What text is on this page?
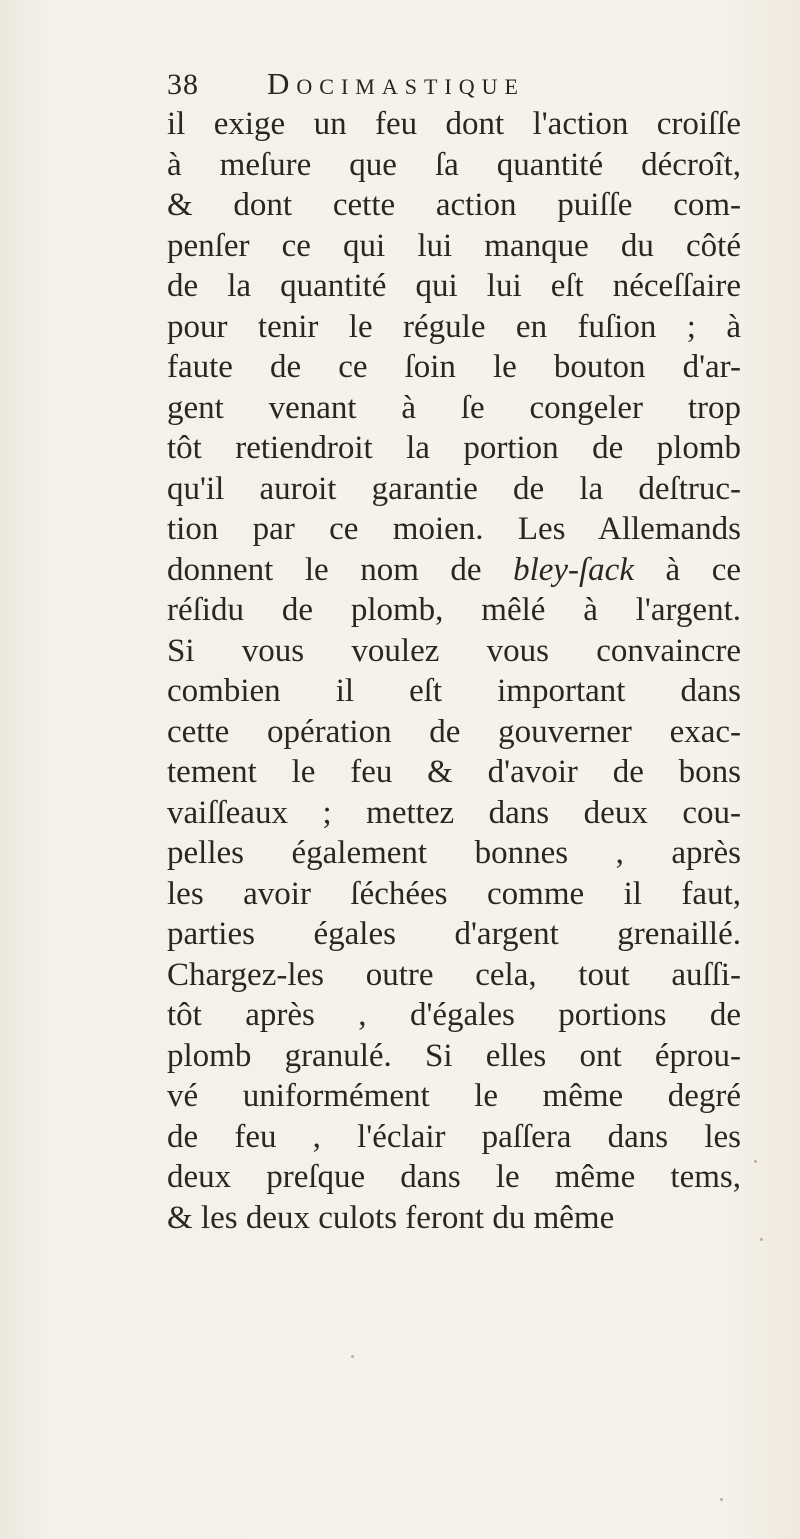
38 Docimastique
il exige un feu dont l'action croiſſe
à meſure que ſa quantité décroît,
& dont cette action puiſſe com-
penſer ce qui lui manque du côté
de la quantité qui lui eſt néceſſaire
pour tenir le régule en fuſion ; à
faute de ce ſoin le bouton d'ar-
gent venant à ſe congeler trop
tôt retiendroit la portion de plomb
qu'il auroit garantie de la deſtruc-
tion par ce moien. Les Allemands
donnent le nom de bley-ſack à ce
réſidu de plomb, mêlé à l'argent.
Si vous voulez vous convaincre
combien il eſt important dans
cette opération de gouverner exac-
tement le feu & d'avoir de bons
vaiſſeaux ; mettez dans deux cou-
pelles également bonnes , après
les avoir ſéchées comme il faut,
parties égales d'argent grenaillé.
Chargez-les outre cela, tout auſſi-
tôt après , d'égales portions de
plomb granulé. Si elles ont éprou-
vé uniformément le même degré
de feu , l'éclair paſſera dans les
deux preſque dans le même tems,
& les deux culots feront du même
